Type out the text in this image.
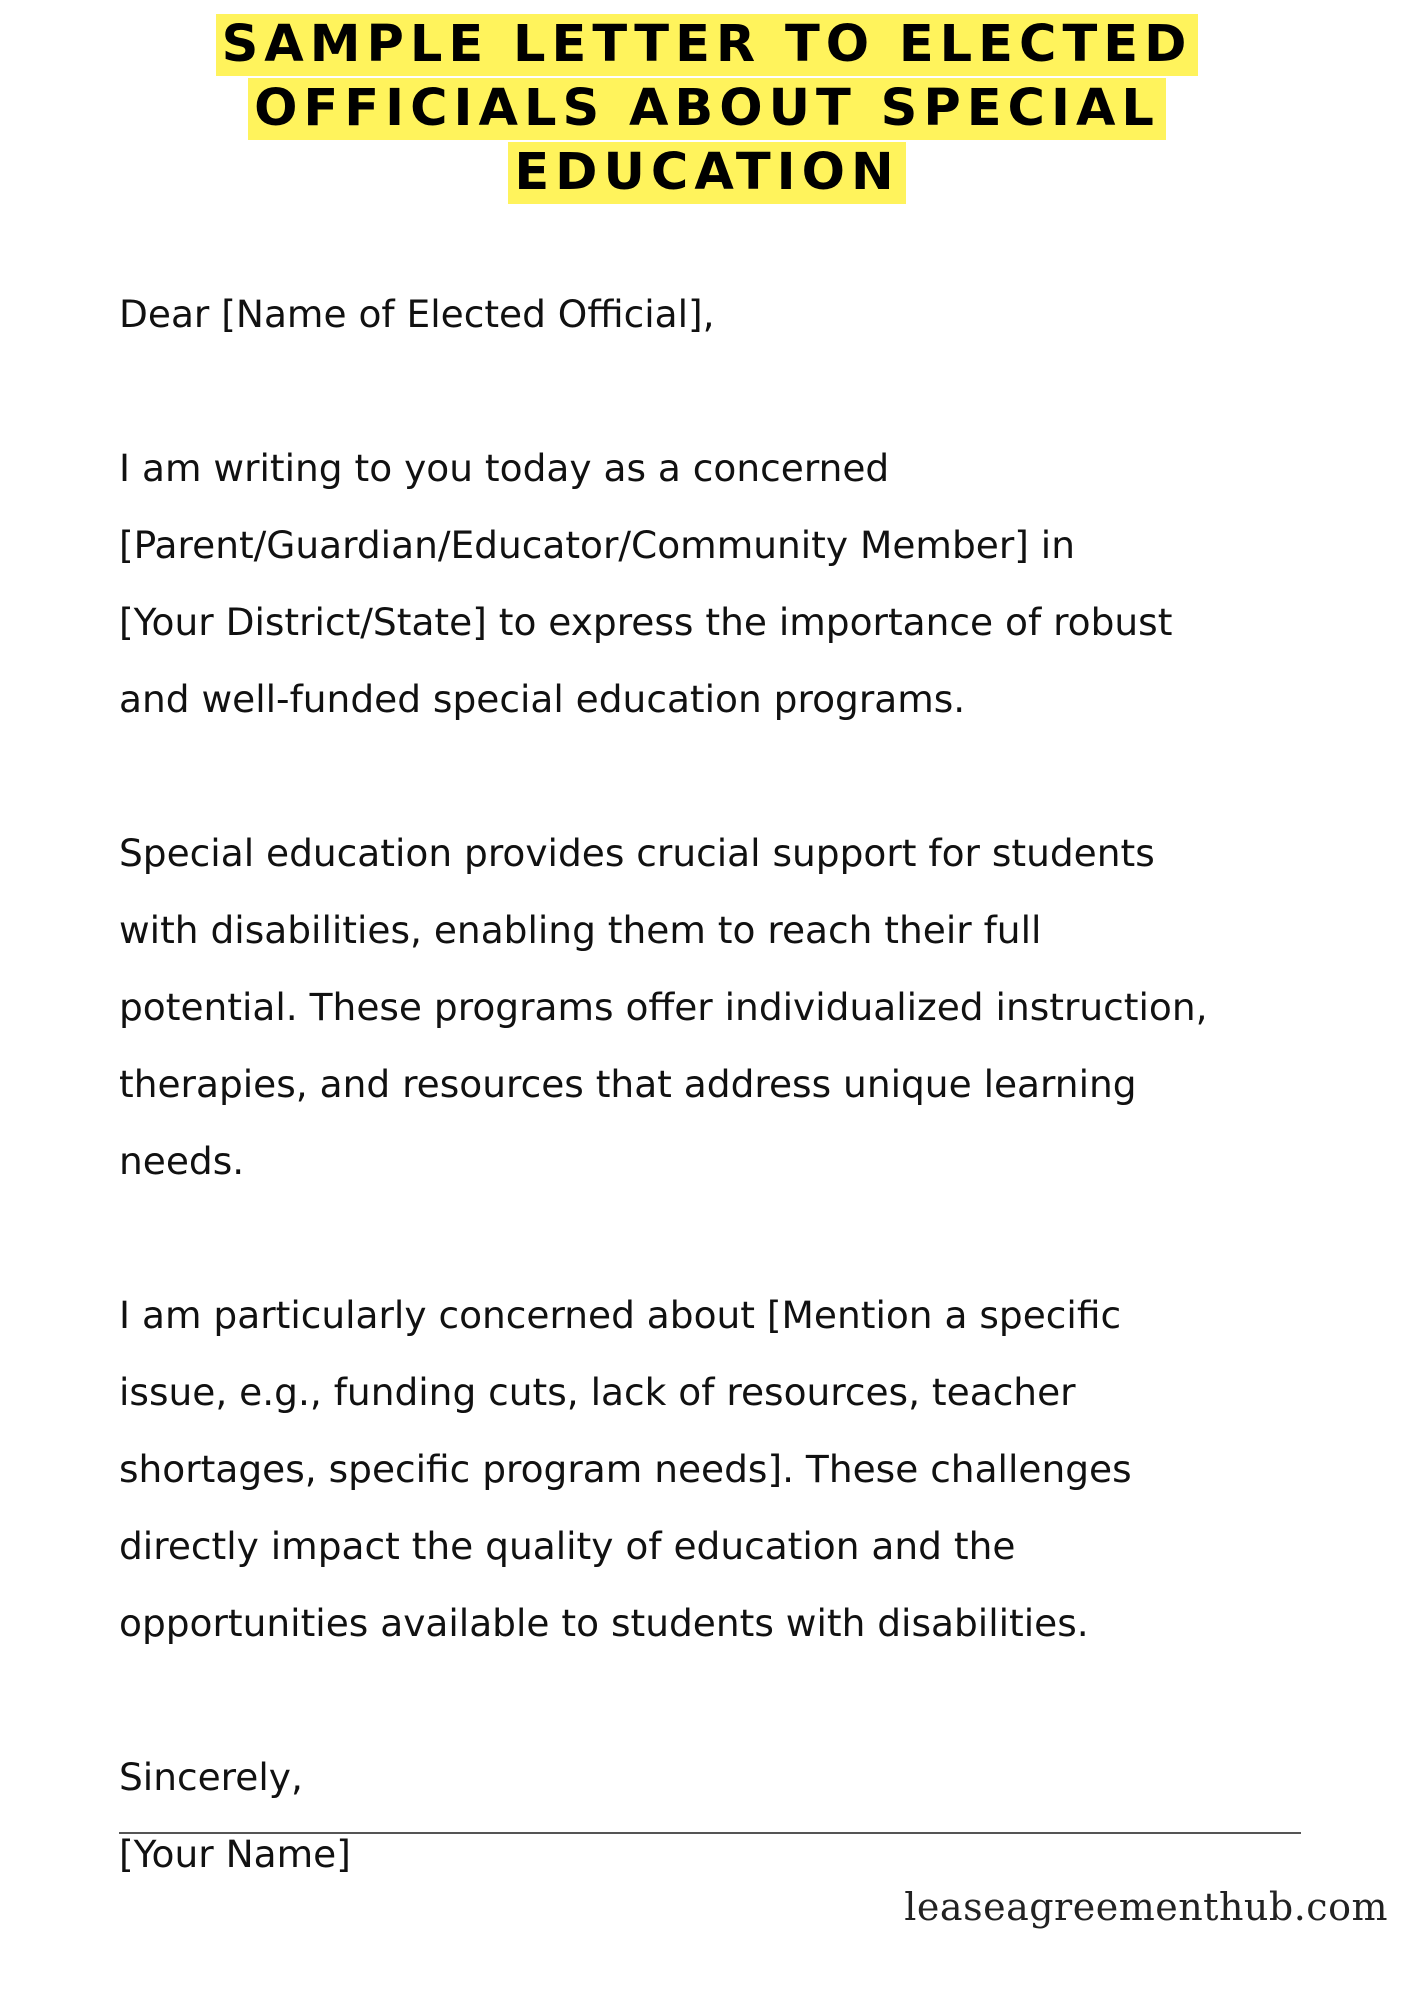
SAMPLE LETTER TO ELECTED
OFFICIALS ABOUT SPECIAL
EDUCATION

Dear [Name of Elected Official],

I am writing to you today as a concerned
[Parent/Guardian/Educator/Community Member] in
[Your District/State] to express the importance of robust
and well-funded special education programs.

Special education provides crucial support for students
with disabilities, enabling them to reach their full
potential. These programs offer individualized instruction,
therapies, and resources that address unique learning
needs.

I am particularly concerned about [Mention a specific
issue, e.g., funding cuts, lack of resources, teacher
shortages, specific program needs]. These challenges
directly impact the quality of education and the
opportunities available to students with disabilities.

Sincerely,
[Your Name]
leaseagreementhub.com
